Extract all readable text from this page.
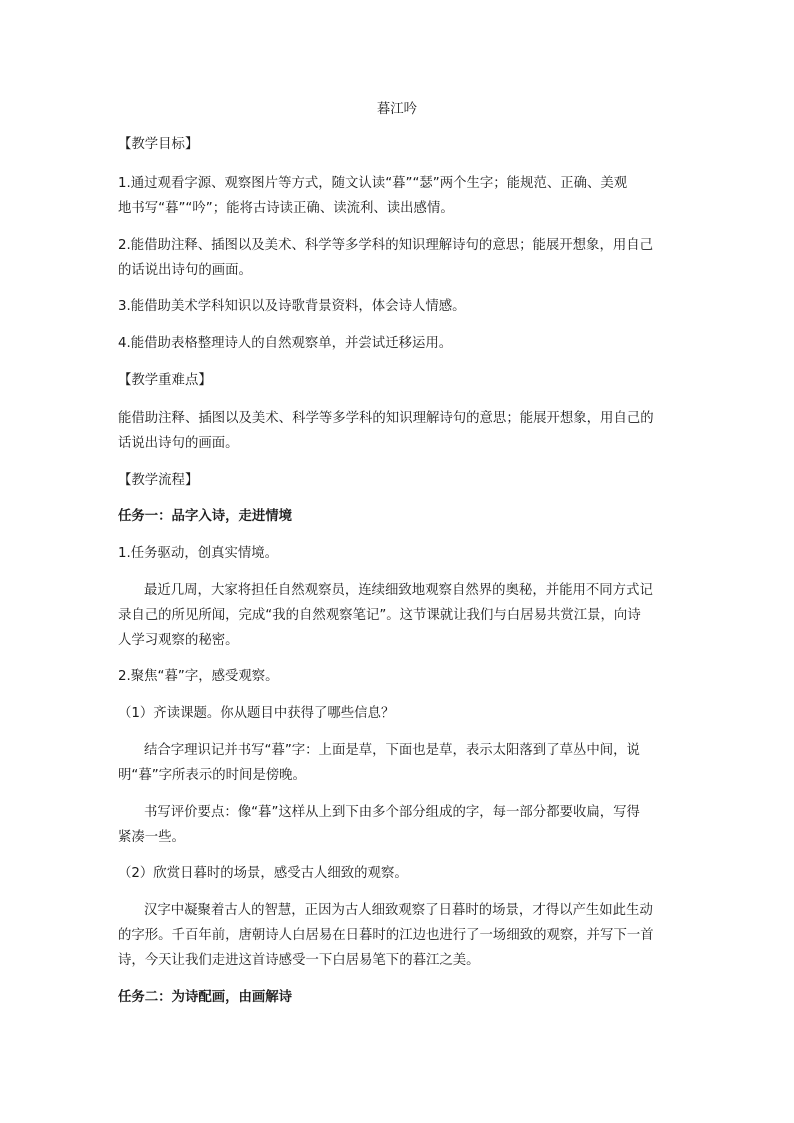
暮江吟

【教学目标】

1.通过观看字源、观察图片等方式，随文认读“暮”“瑟”两个生字；能规范、正确、美观

地书写“暮”“吟”；能将古诗读正确、读流利、读出感情。

2.能借助注释、插图以及美术、科学等多学科的知识理解诗句的意思；能展开想象，用自己

的话说出诗句的画面。

3.能借助美术学科知识以及诗歌背景资料，体会诗人情感。

4.能借助表格整理诗人的自然观察单，并尝试迁移运用。

【教学重难点】

能借助注释、插图以及美术、科学等多学科的知识理解诗句的意思；能展开想象，用自己的

话说出诗句的画面。

【教学流程】

任务一：品字入诗，走进情境

1.任务驱动，创真实情境。

最近几周，大家将担任自然观察员，连续细致地观察自然界的奥秘，并能用不同方式记

录自己的所见所闻，完成“我的自然观察笔记”。这节课就让我们与白居易共赏江景，向诗

人学习观察的秘密。

2.聚焦“暮”字，感受观察。

（1）齐读课题。你从题目中获得了哪些信息？

结合字理识记并书写“暮”字：上面是草，下面也是草，表示太阳落到了草丛中间，说

明“暮”字所表示的时间是傍晚。

书写评价要点：像“暮”这样从上到下由多个部分组成的字，每一部分都要收扁，写得

紧凑一些。

（2）欣赏日暮时的场景，感受古人细致的观察。

汉字中凝聚着古人的智慧，正因为古人细致观察了日暮时的场景，才得以产生如此生动

的字形。千百年前，唐朝诗人白居易在日暮时的江边也进行了一场细致的观察，并写下一首

诗，今天让我们走进这首诗感受一下白居易笔下的暮江之美。

任务二：为诗配画，由画解诗
